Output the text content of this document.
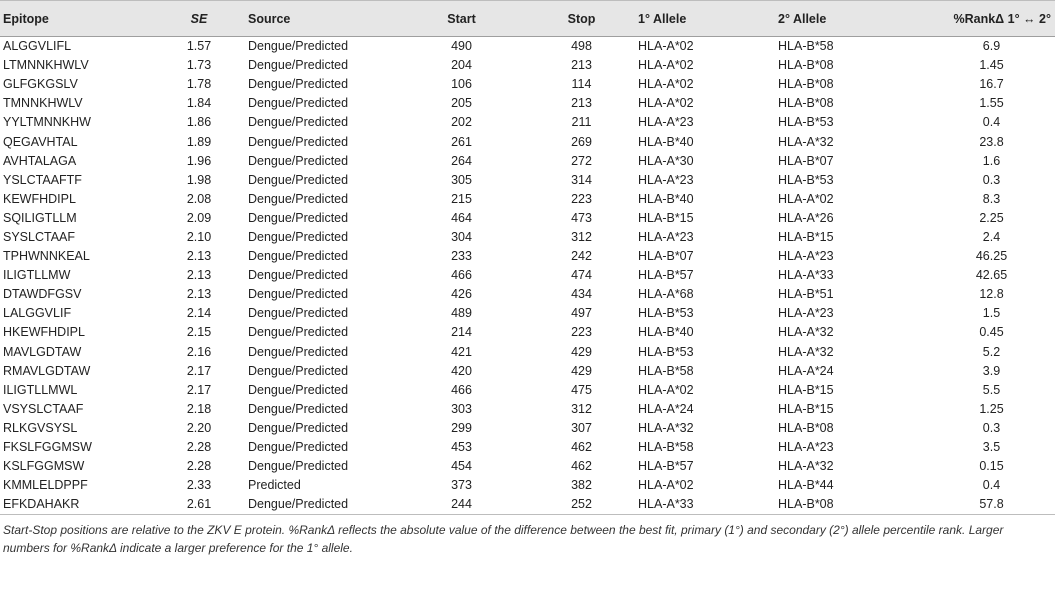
Epitope	SE	Source	Start	Stop	1° Allele	2° Allele	%RankΔ 1° ↔ 2°
ALGGVLIFL	1.57	Dengue/Predicted	490	498	HLA-A*02	HLA-B*58	6.9
LTMNNKHWLV	1.73	Dengue/Predicted	204	213	HLA-A*02	HLA-B*08	1.45
GLFGKGSLV	1.78	Dengue/Predicted	106	114	HLA-A*02	HLA-B*08	16.7
TMNNKHWLV	1.84	Dengue/Predicted	205	213	HLA-A*02	HLA-B*08	1.55
YYLTMNNKHW	1.86	Dengue/Predicted	202	211	HLA-A*23	HLA-B*53	0.4
QEGAVHTAL	1.89	Dengue/Predicted	261	269	HLA-B*40	HLA-A*32	23.8
AVHTALAGA	1.96	Dengue/Predicted	264	272	HLA-A*30	HLA-B*07	1.6
YSLCTAAFTF	1.98	Dengue/Predicted	305	314	HLA-A*23	HLA-B*53	0.3
KEWFHDIPL	2.08	Dengue/Predicted	215	223	HLA-B*40	HLA-A*02	8.3
SQILIGTLLM	2.09	Dengue/Predicted	464	473	HLA-B*15	HLA-A*26	2.25
SYSLCTAAF	2.10	Dengue/Predicted	304	312	HLA-A*23	HLA-B*15	2.4
TPHWNNKEAL	2.13	Dengue/Predicted	233	242	HLA-B*07	HLA-A*23	46.25
ILIGTLLMW	2.13	Dengue/Predicted	466	474	HLA-B*57	HLA-A*33	42.65
DTAWDFGSV	2.13	Dengue/Predicted	426	434	HLA-A*68	HLA-B*51	12.8
LALGGVLIF	2.14	Dengue/Predicted	489	497	HLA-B*53	HLA-A*23	1.5
HKEWFHDIPL	2.15	Dengue/Predicted	214	223	HLA-B*40	HLA-A*32	0.45
MAVLGDTAW	2.16	Dengue/Predicted	421	429	HLA-B*53	HLA-A*32	5.2
RMAVLGDTAW	2.17	Dengue/Predicted	420	429	HLA-B*58	HLA-A*24	3.9
ILIGTLLMWL	2.17	Dengue/Predicted	466	475	HLA-A*02	HLA-B*15	5.5
VSYSLCTAAF	2.18	Dengue/Predicted	303	312	HLA-A*24	HLA-B*15	1.25
RLKGVSYSL	2.20	Dengue/Predicted	299	307	HLA-A*32	HLA-B*08	0.3
FKSLFGGMSW	2.28	Dengue/Predicted	453	462	HLA-B*58	HLA-A*23	3.5
KSLFGGMSW	2.28	Dengue/Predicted	454	462	HLA-B*57	HLA-A*32	0.15
KMMLELDPPF	2.33	Predicted	373	382	HLA-A*02	HLA-B*44	0.4
EFKDAHAKR	2.61	Dengue/Predicted	244	252	HLA-A*33	HLA-B*08	57.8
Start-Stop positions are relative to the ZKV E protein. %RankΔ reflects the absolute value of the difference between the best fit, primary (1°) and secondary (2°) allele percentile rank. Larger numbers for %RankΔ indicate a larger preference for the 1° allele.
